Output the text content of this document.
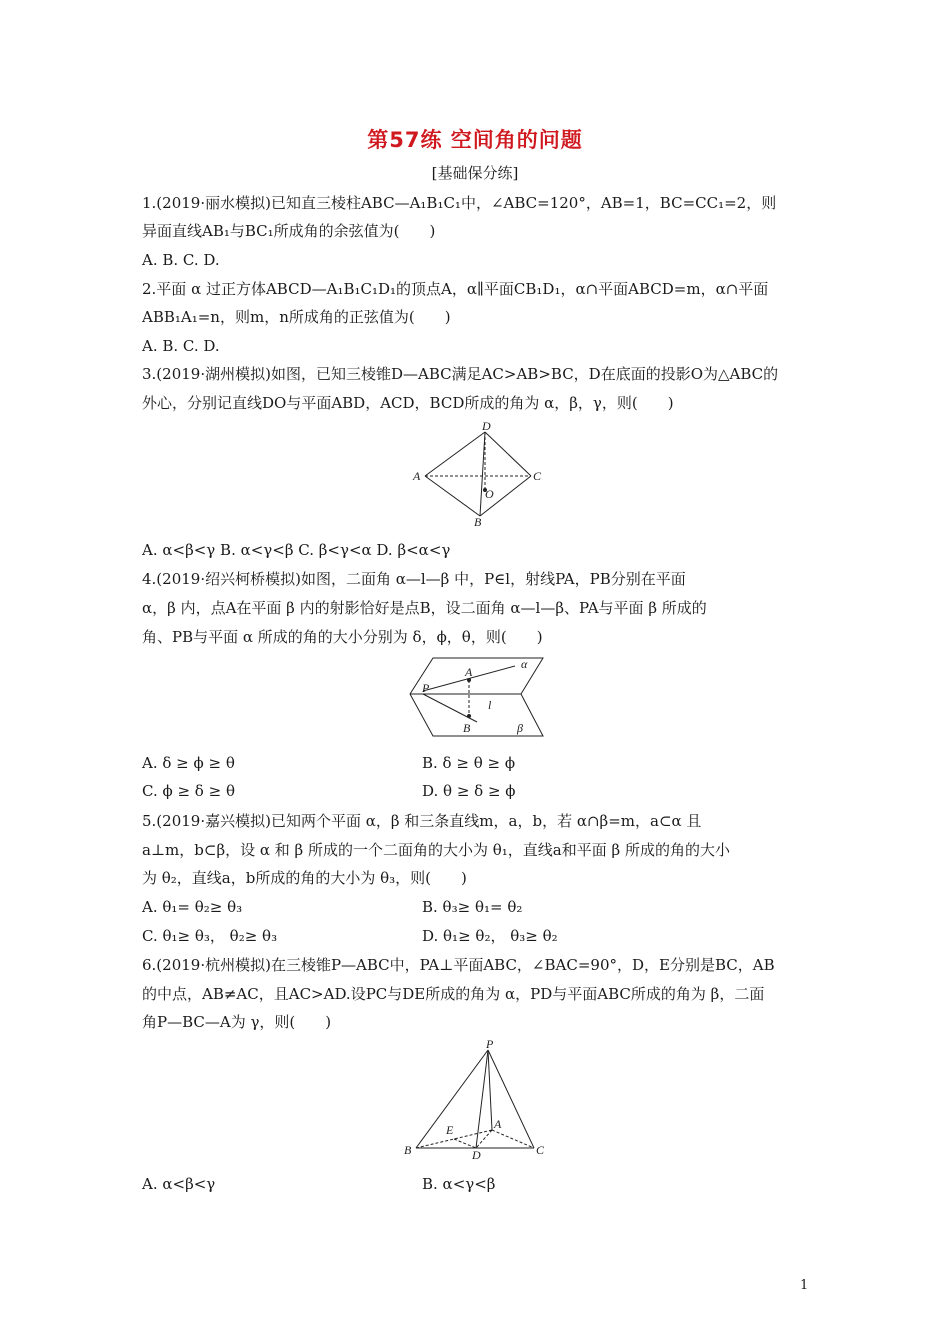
第57练 空间角的问题
[基础保分练]
1.(2019·丽水模拟)已知直三棱柱ABC—A₁B₁C₁中，∠ABC=120°，AB=1，BC=CC₁=2，则
异面直线AB₁与BC₁所成角的余弦值为(　　)
A. B. C. D.
2.平面 α 过正方体ABCD—A₁B₁C₁D₁的顶点A，α∥平面CB₁D₁，α∩平面ABCD=m，α∩平面
ABB₁A₁=n，则m，n所成角的正弦值为(　　)
A. B. C. D.
3.(2019·湖州模拟)如图，已知三棱锥D—ABC满足AC>AB>BC，D在底面的投影O为△ABC的
外心，分别记直线DO与平面ABD，ACD，BCD所成的角为 α，β，γ，则(　　)
D
A	C
O
B
A. α<β<γ B. α<γ<β C. β<γ<α D. β<α<γ
4.(2019·绍兴柯桥模拟)如图，二面角 α—l—β 中，P∈l，射线PA，PB分别在平面
α，β 内，点A在平面 β 内的射影恰好是点B，设二面角 α—l—β、PA与平面 β 所成的
角、PB与平面 α 所成的角的大小分别为 δ，ϕ，θ，则(　　)
α
A
P
l
B	β
A. δ ≥ ϕ ≥ θ	B. δ ≥ θ ≥ ϕ
C. ϕ ≥ δ ≥ θ	D. θ ≥ δ ≥ ϕ
5.(2019·嘉兴模拟)已知两个平面 α，β 和三条直线m，a，b，若 α∩β=m，a⊂α 且
a⊥m，b⊂β，设 α 和 β 所成的一个二面角的大小为 θ₁，直线a和平面 β 所成的角的大小
为 θ₂，直线a，b所成的角的大小为 θ₃，则(　　)
A. θ₁= θ₂≥ θ₃	B. θ₃≥ θ₁= θ₂
C. θ₁≥ θ₃， θ₂≥ θ₃	D. θ₁≥ θ₂， θ₃≥ θ₂
6.(2019·杭州模拟)在三棱锥P—ABC中，PA⊥平面ABC，∠BAC=90°，D，E分别是BC，AB
的中点，AB≠AC，且AC>AD.设PC与DE所成的角为 α，PD与平面ABC所成的角为 β，二面
角P—BC—A为 γ，则(　　)
P
E	A
B	D	C
A. α<β<γ	B. α<γ<β
1
